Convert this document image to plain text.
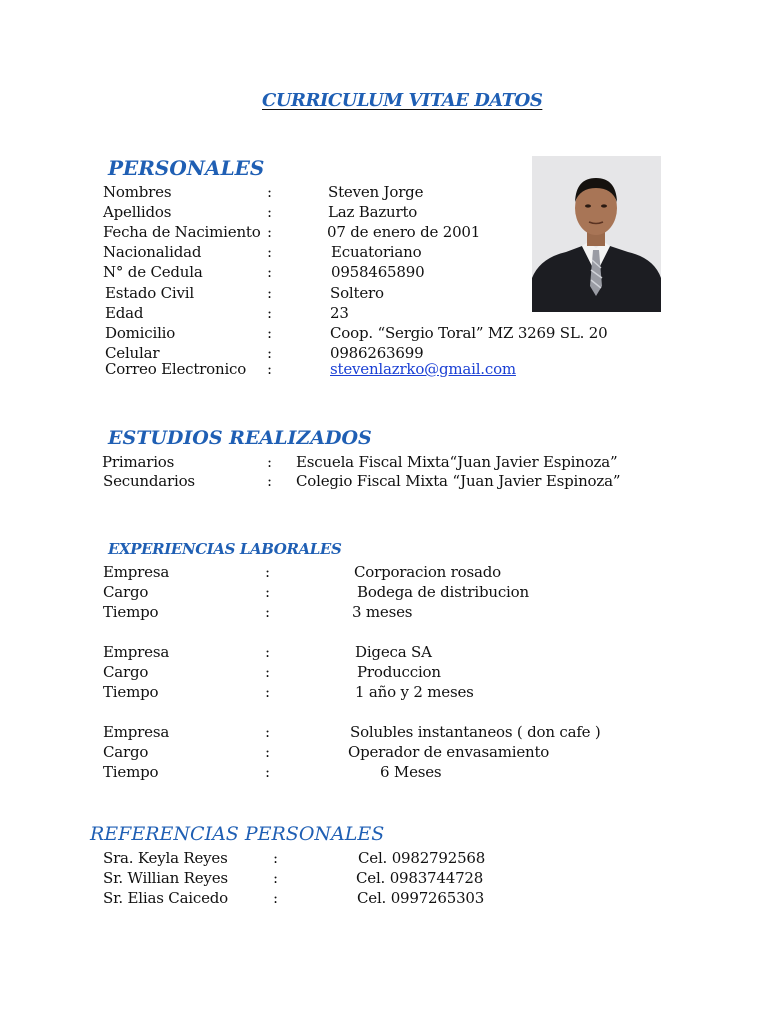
CURRICULUM VITAE DATOS
PERSONALES
Nombres	:	Steven Jorge
Apellidos	:	Laz Bazurto
Fecha de Nacimiento :	07 de enero de 2001
Nacionalidad	:	Ecuatoriano
N° de Cedula	:	0958465890
Estado Civil	:	Soltero
Edad	:	23
Domicilio	:	Coop. “Sergio Toral” MZ 3269 SL. 20
Celular	:	0986263699
Correo Electronico :	stevenlazrko@gmail.com
ESTUDIOS REALIZADOS
Primarios	: Escuela Fiscal Mixta“Juan Javier Espinoza”
Secundarios	: Colegio Fiscal Mixta “Juan Javier Espinoza”
EXPERIENCIAS LABORALES
Empresa	:	Corporacion rosado
Cargo	:	Bodega de distribucion
Tiempo	:	3 meses
Empresa	:	Digeca SA
Cargo	:	Produccion
Tiempo	:	1 año y 2 meses
Empresa	:	Solubles instantaneos ( don cafe )
Cargo	:	Operador de envasamiento
Tiempo	:	6 Meses
REFERENCIAS PERSONALES
Sra. Keyla Reyes	:	Cel. 0982792568
Sr. Willian Reyes	:	Cel. 0983744728
Sr. Elias Caicedo	:	Cel. 0997265303
